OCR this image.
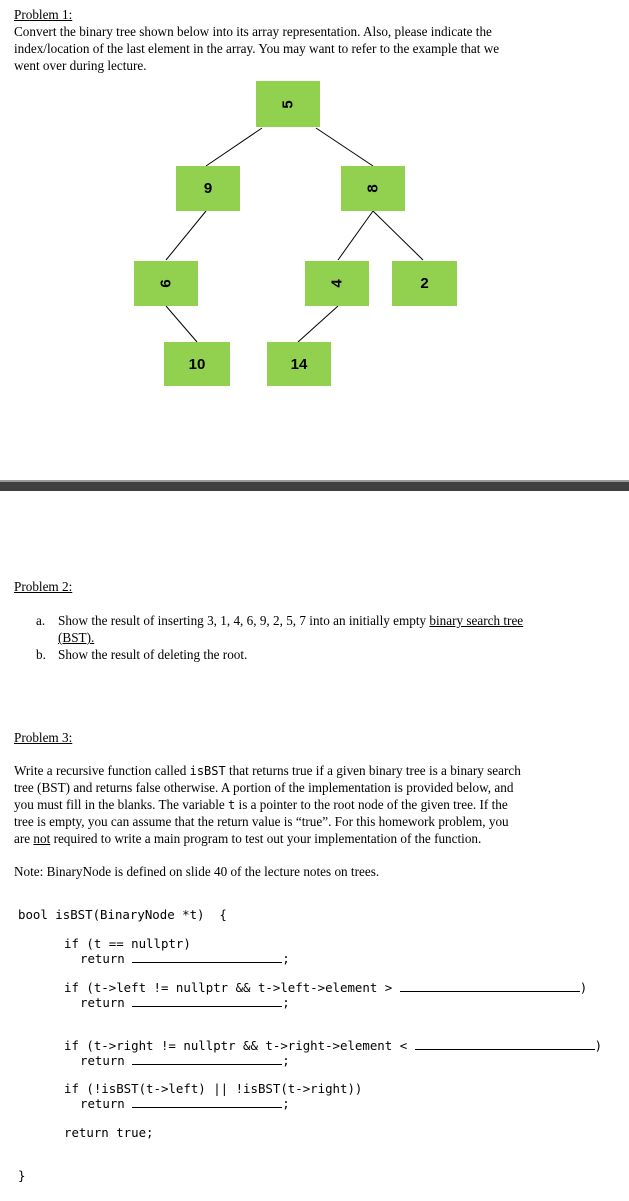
Problem 1:
Convert the binary tree shown below into its array representation. Also, please indicate the
index/location of the last element in the array. You may want to refer to the example that we
went over during lecture.
5
9	8
6	4	2
10	14
Problem 2:
a. Show the result of inserting 3, 1, 4, 6, 9, 2, 5, 7 into an initially empty binary search tree
(BST).
b. Show the result of deleting the root.
Problem 3:
Write a recursive function called isBST that returns true if a given binary tree is a binary search
tree (BST) and returns false otherwise. A portion of the implementation is provided below, and
you must fill in the blanks. The variable t is a pointer to the root node of the given tree. If the
tree is empty, you can assume that the return value is “true”. For this homework problem, you
are not required to write a main program to test out your implementation of the function.
Note: BinaryNode is defined on slide 40 of the lecture notes on trees.
bool isBST(BinaryNode *t)  {
if (t == nullptr)
return	;
if (t->left != nullptr && t->left->element >	)
return	;
if (t->right != nullptr && t->right->element <	)
return	;
if (!isBST(t->left) || !isBST(t->right))
return	;
return true;
}
